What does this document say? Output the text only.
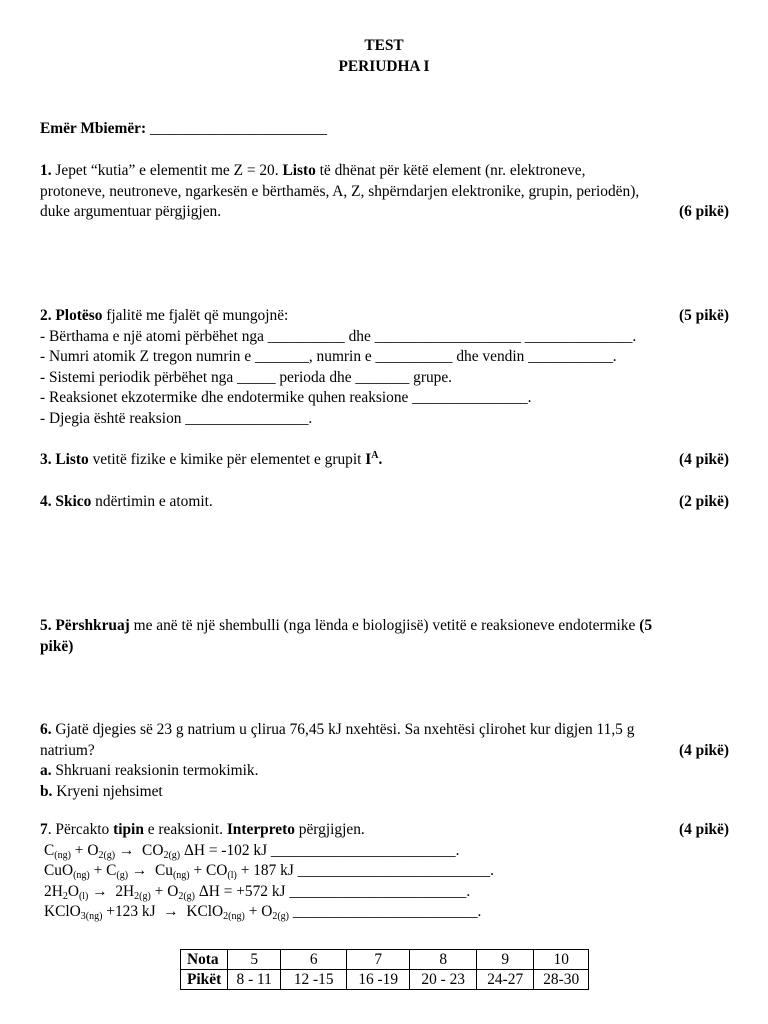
TEST
PERIUDHA I
Emër Mbiemër: _______________________
1. Jepet “kutia” e elementit me Z = 20. Listo të dhënat për këtë element (nr. elektroneve,
protoneve, neutroneve, ngarkesën e bërthamës, A, Z, shpërndarjen elektronike, grupin, periodën),
duke argumentuar përgjigjen.	(6 pikë)
2. Plotëso fjalitë me fjalët që mungojnë:	(5 pikë)
- Bërthama e një atomi përbëhet nga __________ dhe ___________________ ______________.
- Numri atomik Z tregon numrin e _______, numrin e __________ dhe vendin ___________.
- Sistemi periodik përbëhet nga _____ perioda dhe _______ grupe.
- Reaksionet ekzotermike dhe endotermike quhen reaksione _______________.
- Djegia është reaksion ________________.
3. Listo vetitë fizike e kimike për elementet e grupit $I^A$.	(4 pikë)
4. Skico ndërtimin e atomit.	(2 pikë)
5. Përshkruaj me anë të një shembulli (nga lënda e biologjisë) vetitë e reaksioneve endotermike (5
pikë)
6. Gjatë djegies së 23 g natrium u çlirua 76,45 kJ nxehtësi. Sa nxehtësi çlirohet kur digjen 11,5 g
natrium?	(4 pikë)
a. Shkruani reaksionin termokimik.
b. Kryeni njehsimet
7. Përcakto tipin e reaksionit. Interpreto përgjigjen.	(4 pikë)
$C_{(ng)} + O_{2(g)} \to CO_{2(g)}$ ΔH = -102 kJ ________________________.
$CuO_{(ng)} + C_{(g)} \to Cu_{(ng)} + CO_{(l)} + 187$ kJ _________________________.
$2H_2O_{(l)} \to 2H_{2(g)} + O_{2(g)}$ ΔH = +572 kJ _______________________.
KClO$_{3(ng)}$ +123 kJ  →  KClO$_{2(ng)}$ + $O_{2(g)}$ ________________________.
Nota	5	6	7	8	9	10
Pikët	8 - 11	12 -15	16 -19	20 - 23	24-27	28-30
